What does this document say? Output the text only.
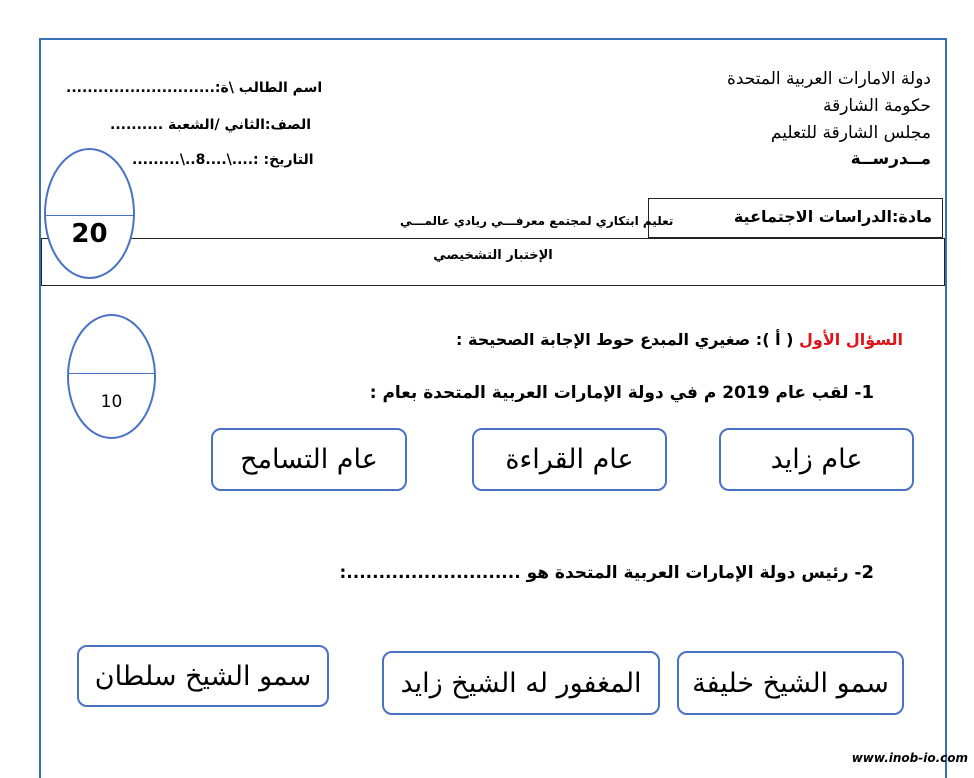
دولة الامارات العربية المتحدة
حكومة الشارقة
مجلس الشارقة للتعليم
مــدرســة
اسم الطالب \ة:............................
الصف:الثاني /الشعبة ..........
التاريخ: :....\....8..\.........
مادة:الدراسات الاجتماعية
تعليم ابتكاري لمجتمع معرفـــي ريادي عالمـــي
الإختبار التشخيصي
20
10
السؤال الأول ( أ ): صغيري المبدع حوط الإجابة الصحيحة :
1- لقب عام 2019 م في دولة الإمارات العربية المتحدة بعام :
عام زايد
عام القراءة
عام التسامح
2- رئيس دولة الإمارات العربية المتحدة هو ...........................:
سمو الشيخ خليفة
المغفور له الشيخ زايد
سمو الشيخ سلطان
www.inob-io.com
